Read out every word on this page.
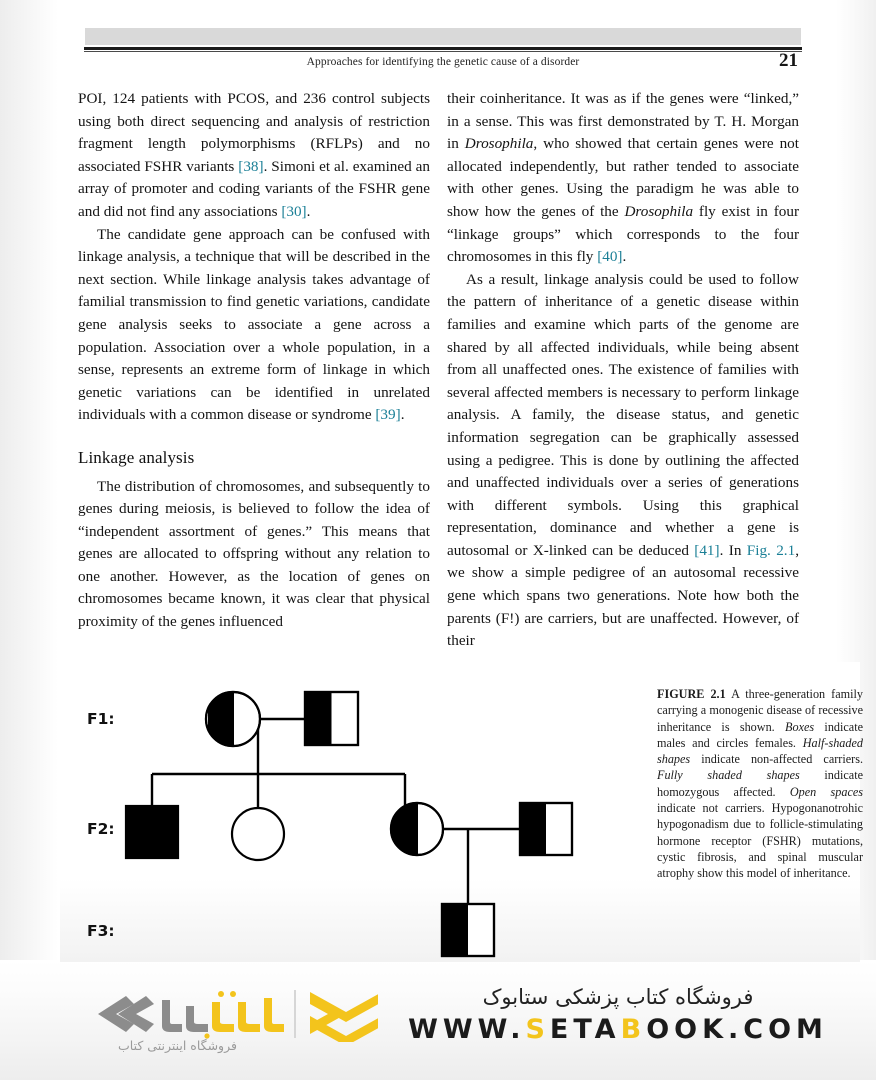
Approaches for identifying the genetic cause of a disorder	21

POI, 124 patients with PCOS, and 236 control subjects using both direct sequencing and analysis of restriction fragment length polymorphisms (RFLPs) and no associated FSHR variants [38]. Simoni et al. examined an array of promoter and coding variants of the FSHR gene and did not find any associations [30].

The candidate gene approach can be confused with linkage analysis, a technique that will be described in the next section. While linkage analysis takes advantage of familial transmission to find genetic variations, candidate gene analysis seeks to associate a gene across a population. Association over a whole population, in a sense, represents an extreme form of linkage in which genetic variations can be identified in unrelated individuals with a common disease or syndrome [39].

Linkage analysis

The distribution of chromosomes, and subsequently to genes during meiosis, is believed to follow the idea of “independent assortment of genes.” This means that genes are allocated to offspring without any relation to one another. However, as the location of genes on chromosomes became known, it was clear that physical proximity of the genes influenced

their coinheritance. It was as if the genes were “linked,” in a sense. This was first demonstrated by T. H. Morgan in Drosophila, who showed that certain genes were not allocated independently, but rather tended to associate with other genes. Using the paradigm he was able to show how the genes of the Drosophila fly exist in four “linkage groups” which corresponds to the four chromosomes in this fly [40].

As a result, linkage analysis could be used to follow the pattern of inheritance of a genetic disease within families and examine which parts of the genome are shared by all affected individuals, while being absent from all unaffected ones. The existence of families with several affected members is necessary to perform linkage analysis. A family, the disease status, and genetic information segregation can be graphically assessed using a pedigree. This is done by outlining the affected and unaffected individuals over a series of generations with different symbols. Using this graphical representation, dominance and whether a gene is autosomal or X-linked can be deduced [41]. In Fig. 2.1, we show a simple pedigree of an autosomal recessive gene which spans two generations. Note how both the parents (F!) are carriers, but are unaffected. However, of their

F1:
F2:
F3:
FIGURE 2.1 A three-generation family carrying a monogenic disease of recessive inheritance is shown. Boxes indicate males and circles females. Half-shaded shapes indicate non-affected carriers. Fully shaded shapes indicate homozygous affected. Open spaces indicate not carriers. Hypogonanotrohic hypogonadism due to follicle-stimulating hormone receptor (FSHR) mutations, cystic fibrosis, and spinal muscular atrophy show this model of inheritance.
فروشگاه اینترنتی کتاب
فروشگاه کتاب پزشکی ستابوک
WWW.SETABOOK.COM
